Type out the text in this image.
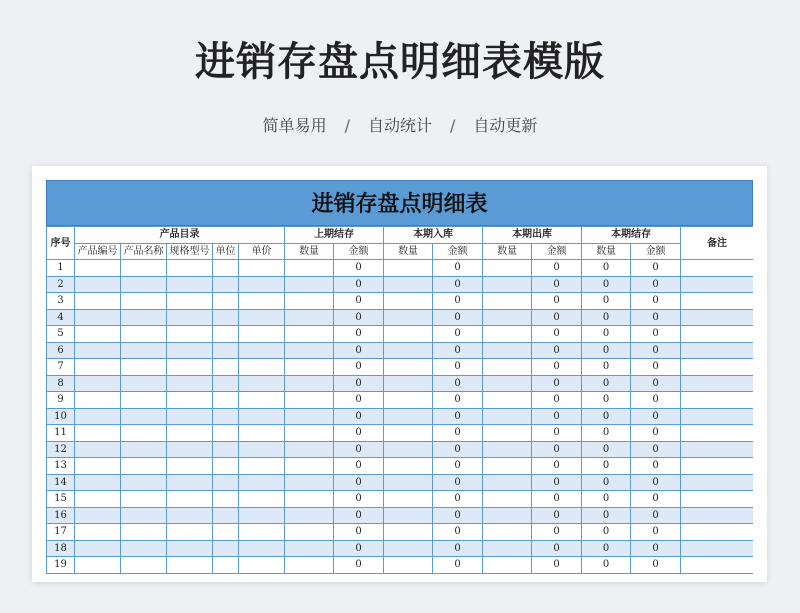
进销存盘点明细表模版
简单易用 / 自动统计 / 自动更新
进销存盘点明细表
序号	产品目录					上期结存		本期入库		本期出库		本期结存		备注
	产品编号	产品名称	规格型号	单位	单价	数量	金额	数量	金额	数量	金额	数量	金额	
1							0		0		0	0	0	
2							0		0		0	0	0	
3							0		0		0	0	0	
4							0		0		0	0	0	
5							0		0		0	0	0	
6							0		0		0	0	0	
7							0		0		0	0	0	
8							0		0		0	0	0	
9							0		0		0	0	0	
10							0		0		0	0	0	
11							0		0		0	0	0	
12							0		0		0	0	0	
13							0		0		0	0	0	
14							0		0		0	0	0	
15							0		0		0	0	0	
16							0		0		0	0	0	
17							0		0		0	0	0	
18							0		0		0	0	0	
19							0		0		0	0	0	
